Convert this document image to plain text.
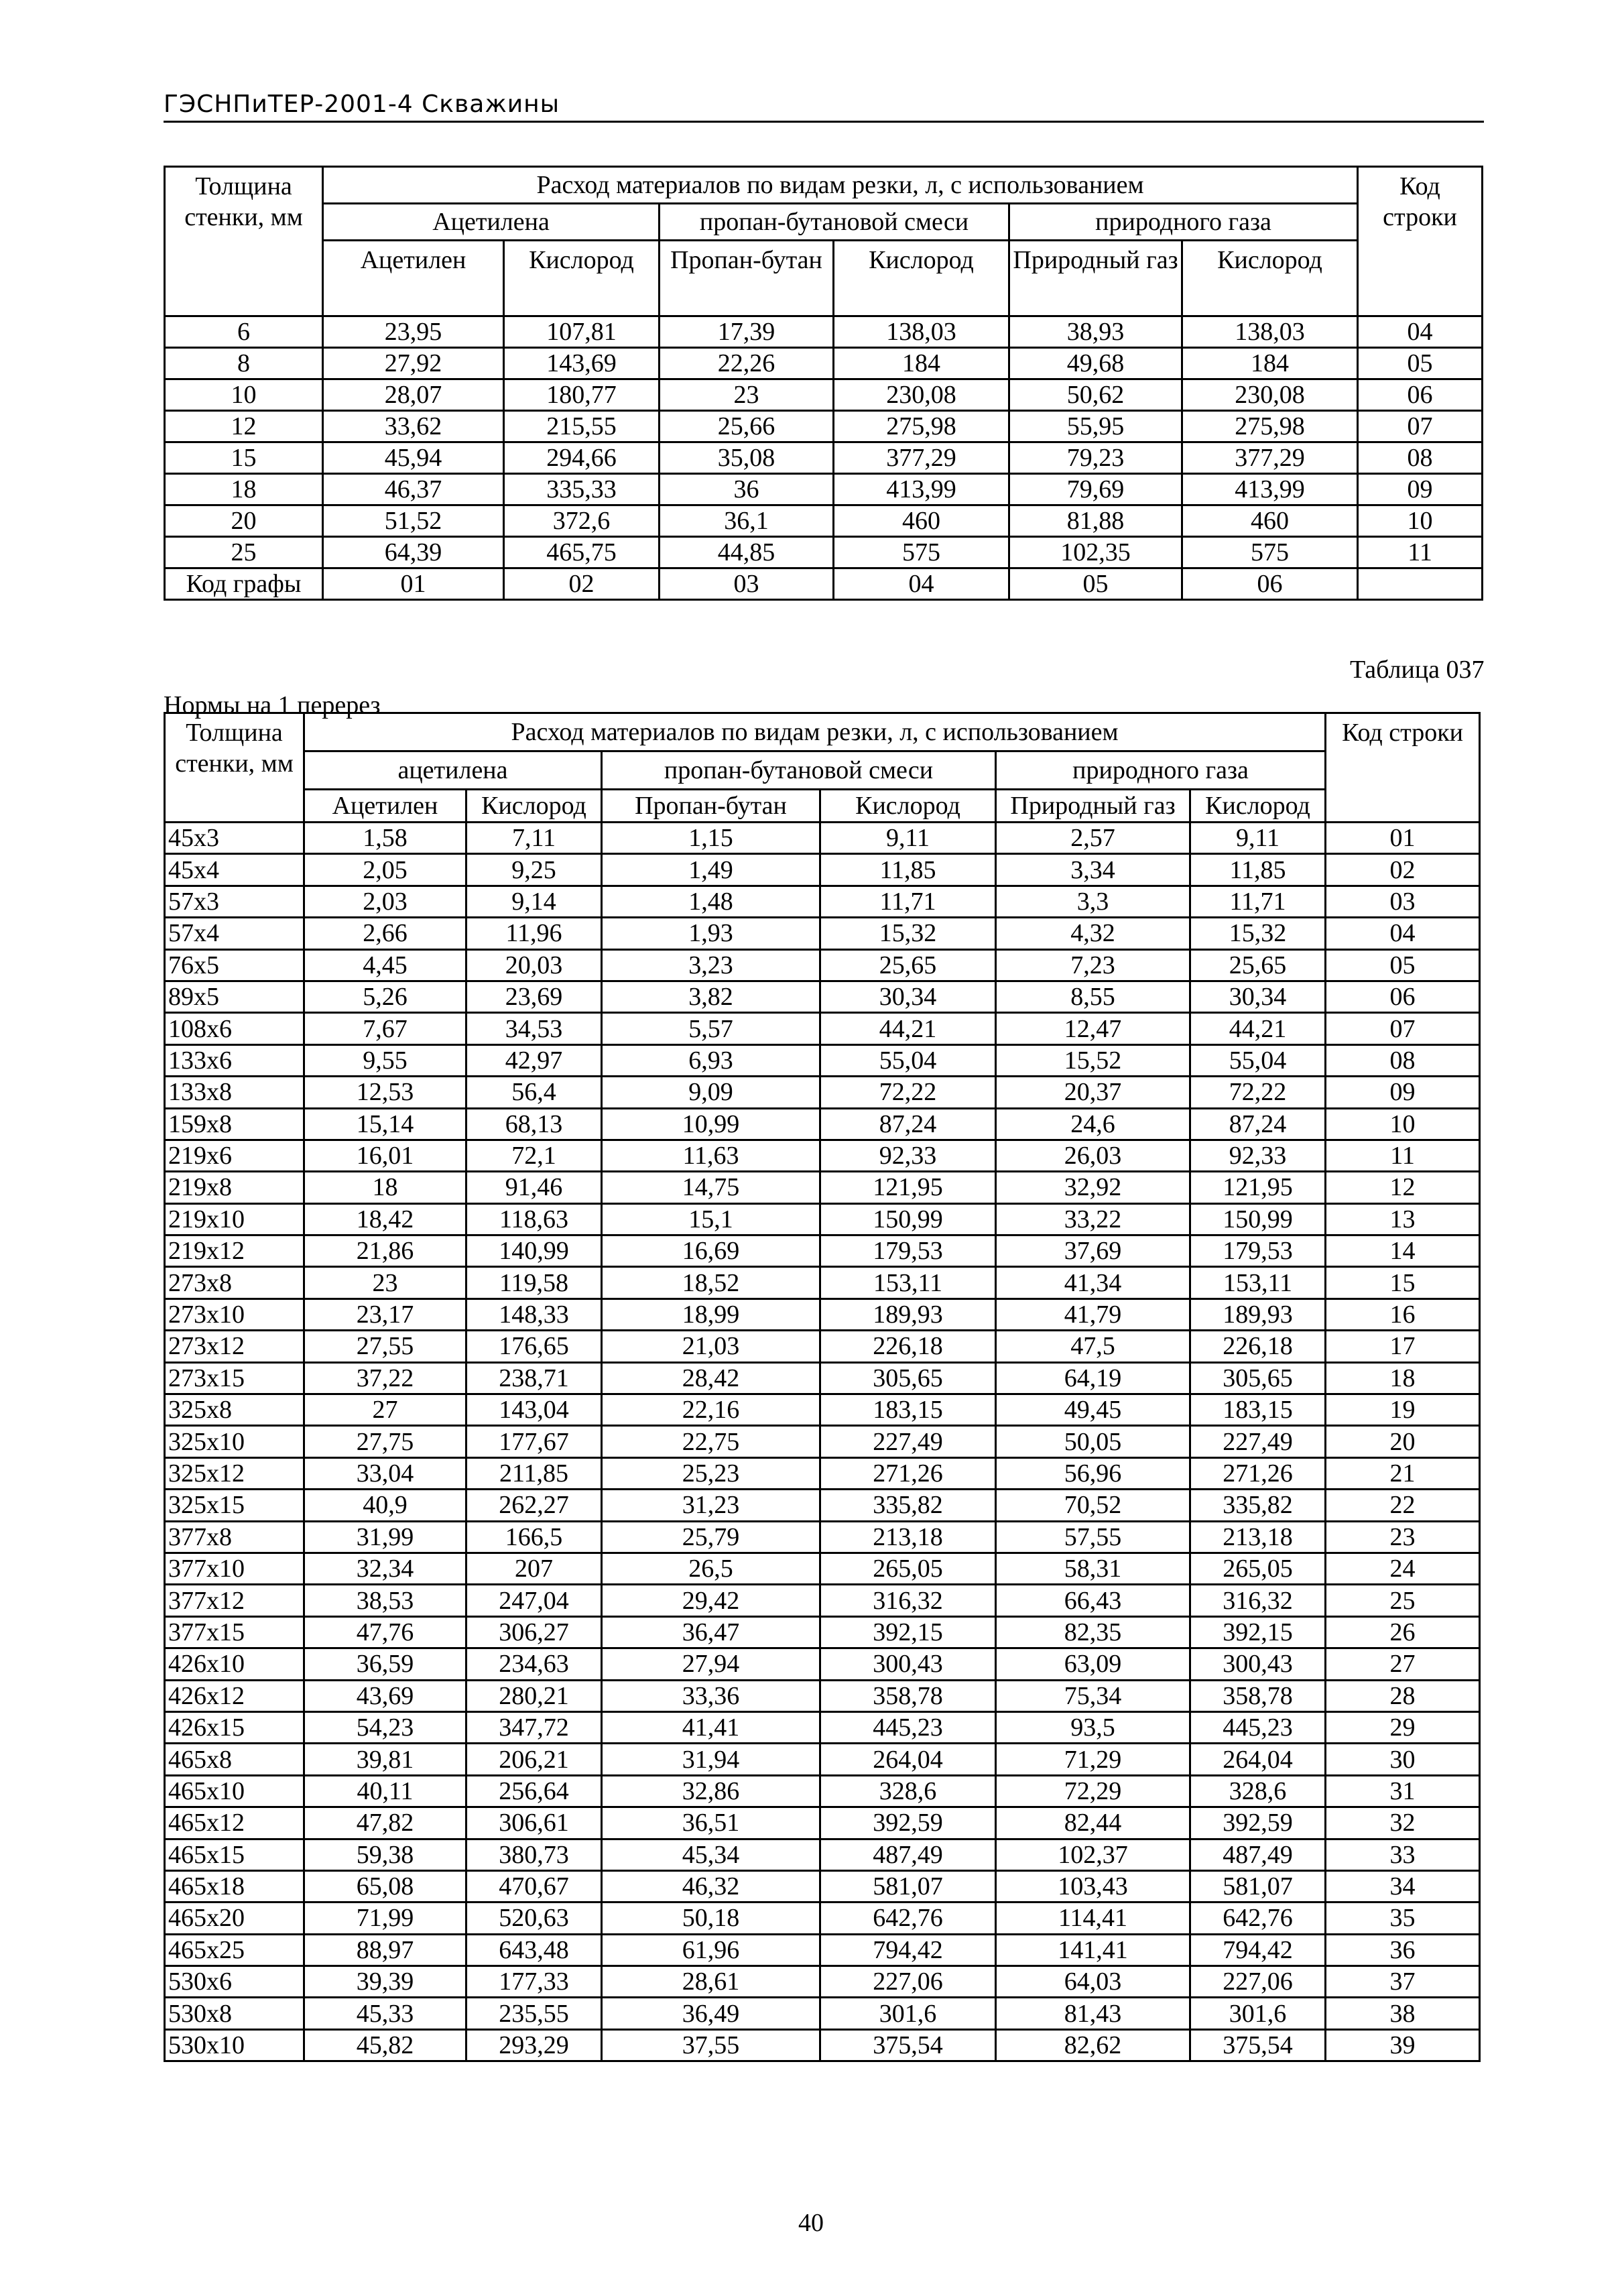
ГЭСНПиТЕР-2001-4 Скважины
Толщина стенки, мм	Расход материалов по видам резки, л, с использованием						Код строки
	Ацетилена		пропан-бутановой смеси		природного газа		
	Ацетилен	Кислород	Пропан-бутан	Кислород	Природный газ	Кислород	
6	23,95	107,81	17,39	138,03	38,93	138,03	04
8	27,92	143,69	22,26	184	49,68	184	05
10	28,07	180,77	23	230,08	50,62	230,08	06
12	33,62	215,55	25,66	275,98	55,95	275,98	07
15	45,94	294,66	35,08	377,29	79,23	377,29	08
18	46,37	335,33	36	413,99	79,69	413,99	09
20	51,52	372,6	36,1	460	81,88	460	10
25	64,39	465,75	44,85	575	102,35	575	11
Код графы	01	02	03	04	05	06	
Таблица 037
Нормы на 1 перерез
Толщина стенки, мм	Расход материалов по видам резки, л, с использованием						Код строки
	ацетилена		пропан-бутановой смеси		природного газа		
	Ацетилен	Кислород	Пропан-бутан	Кислород	Природный газ	Кислород	
45х3	1,58	7,11	1,15	9,11	2,57	9,11	01
45х4	2,05	9,25	1,49	11,85	3,34	11,85	02
57х3	2,03	9,14	1,48	11,71	3,3	11,71	03
57х4	2,66	11,96	1,93	15,32	4,32	15,32	04
76х5	4,45	20,03	3,23	25,65	7,23	25,65	05
89х5	5,26	23,69	3,82	30,34	8,55	30,34	06
108х6	7,67	34,53	5,57	44,21	12,47	44,21	07
133х6	9,55	42,97	6,93	55,04	15,52	55,04	08
133х8	12,53	56,4	9,09	72,22	20,37	72,22	09
159х8	15,14	68,13	10,99	87,24	24,6	87,24	10
219х6	16,01	72,1	11,63	92,33	26,03	92,33	11
219х8	18	91,46	14,75	121,95	32,92	121,95	12
219х10	18,42	118,63	15,1	150,99	33,22	150,99	13
219х12	21,86	140,99	16,69	179,53	37,69	179,53	14
273х8	23	119,58	18,52	153,11	41,34	153,11	15
273х10	23,17	148,33	18,99	189,93	41,79	189,93	16
273х12	27,55	176,65	21,03	226,18	47,5	226,18	17
273х15	37,22	238,71	28,42	305,65	64,19	305,65	18
325х8	27	143,04	22,16	183,15	49,45	183,15	19
325х10	27,75	177,67	22,75	227,49	50,05	227,49	20
325х12	33,04	211,85	25,23	271,26	56,96	271,26	21
325х15	40,9	262,27	31,23	335,82	70,52	335,82	22
377х8	31,99	166,5	25,79	213,18	57,55	213,18	23
377х10	32,34	207	26,5	265,05	58,31	265,05	24
377х12	38,53	247,04	29,42	316,32	66,43	316,32	25
377х15	47,76	306,27	36,47	392,15	82,35	392,15	26
426х10	36,59	234,63	27,94	300,43	63,09	300,43	27
426х12	43,69	280,21	33,36	358,78	75,34	358,78	28
426х15	54,23	347,72	41,41	445,23	93,5	445,23	29
465х8	39,81	206,21	31,94	264,04	71,29	264,04	30
465х10	40,11	256,64	32,86	328,6	72,29	328,6	31
465х12	47,82	306,61	36,51	392,59	82,44	392,59	32
465х15	59,38	380,73	45,34	487,49	102,37	487,49	33
465х18	65,08	470,67	46,32	581,07	103,43	581,07	34
465х20	71,99	520,63	50,18	642,76	114,41	642,76	35
465х25	88,97	643,48	61,96	794,42	141,41	794,42	36
530х6	39,39	177,33	28,61	227,06	64,03	227,06	37
530х8	45,33	235,55	36,49	301,6	81,43	301,6	38
530х10	45,82	293,29	37,55	375,54	82,62	375,54	39
40
